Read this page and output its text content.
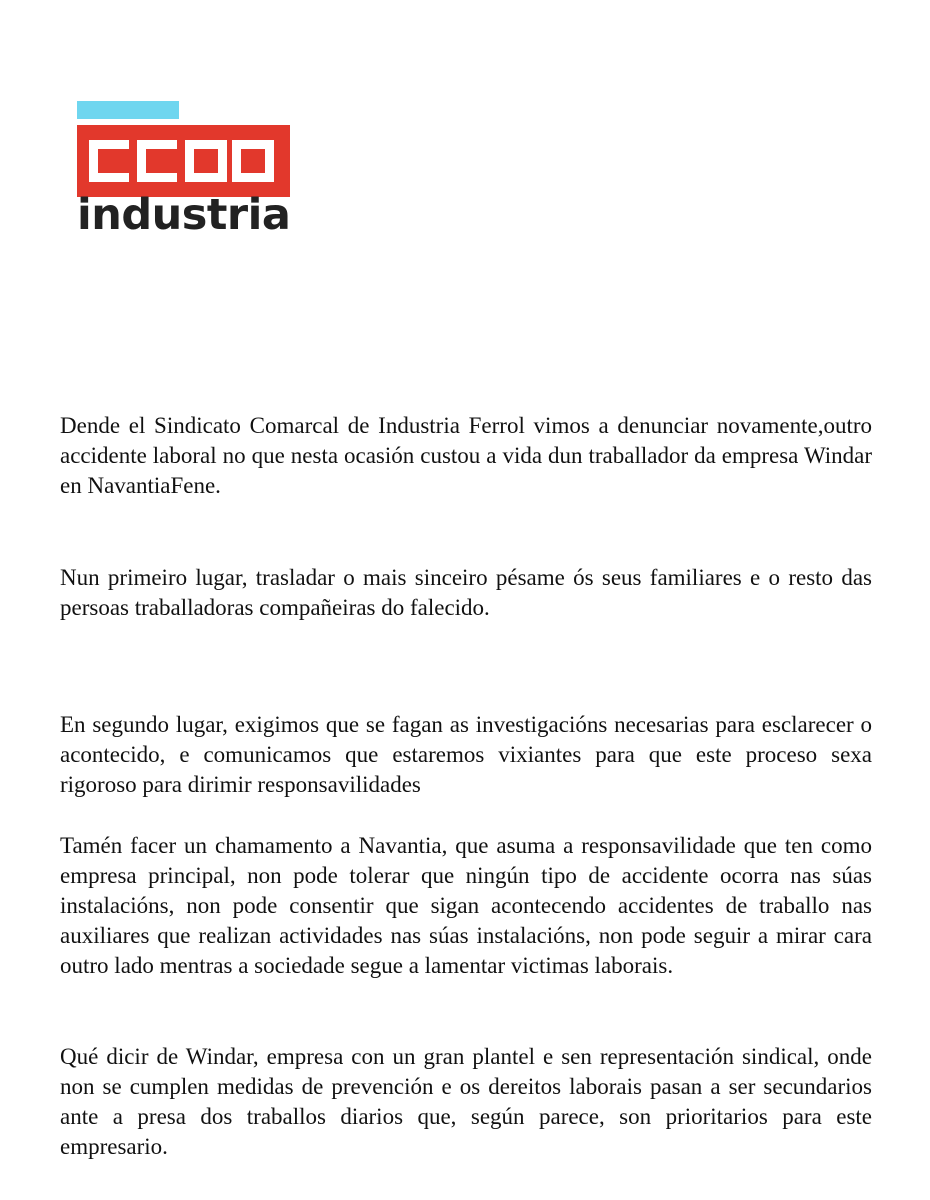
industria

Dende el Sindicato Comarcal de Industria Ferrol vimos a denunciar novamente,outro accidente laboral no que nesta ocasión custou a vida dun traballador da empresa Windar en NavantiaFene.

Nun primeiro lugar, trasladar o mais sinceiro pésame ós seus familiares e o resto das persoas traballadoras compañeiras do falecido.

En segundo lugar, exigimos que se fagan as investigacións necesarias para esclarecer o acontecido, e comunicamos que estaremos vixiantes para que este proceso sexa rigoroso para dirimir responsavilidades

Tamén facer un chamamento a Navantia, que asuma a responsavilidade que ten como empresa principal, non pode tolerar que ningún tipo de accidente ocorra nas súas instalacións, non pode consentir que sigan acontecendo accidentes de traballo nas auxiliares que realizan actividades nas súas instalacións, non pode seguir a mirar cara outro lado mentras a sociedade segue a lamentar victimas laborais.

Qué dicir de Windar, empresa con un gran plantel e sen representación sindical, onde non se cumplen medidas de prevención e os dereitos laborais pasan a ser secundarios ante a presa dos traballos diarios que, según parece, son prioritarios para este empresario.
